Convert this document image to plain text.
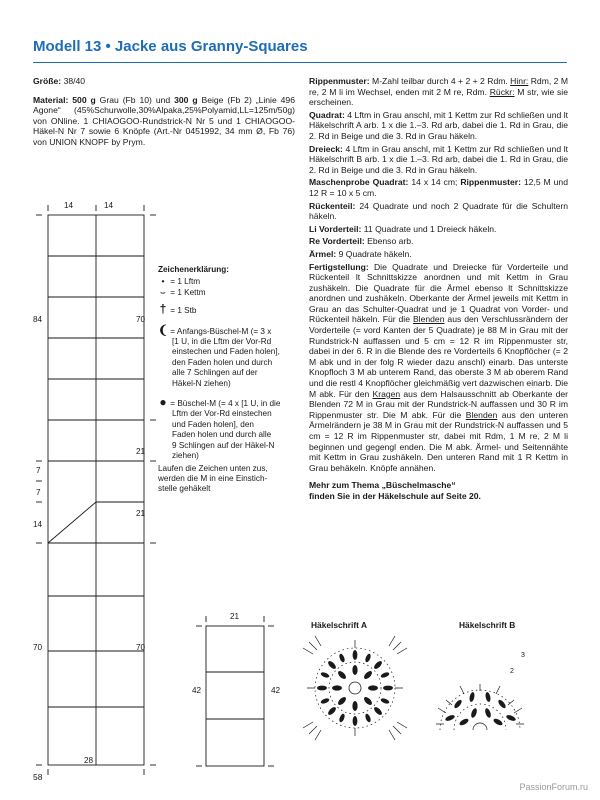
Modell 13 • Jacke aus Granny-Squares

Größe: 38/40

Material: 500 g Grau (Fb 10) und 300 g Beige (Fb 2) „Linie 496 Agone“ (45%Schurwolle,30%Alpaka,25%Polyamid,LL=125m/50g) von ONline. 1 CHIAOGOO-Rundstrick-N Nr 5 und 1 CHIAOGOO-Häkel-N Nr 7 sowie 6 Knöpfe (Art.-Nr 0451992, 34 mm Ø, Fb 76) von UNION KNOPF by Prym.

Rippenmuster: M-Zahl teilbar durch 4 + 2 + 2 Rdm. Hinr: Rdm, 2 M re, 2 M li im Wechsel, enden mit 2 M re, Rdm. Rückr: M str, wie sie erscheinen.

Quadrat: 4 Lftm in Grau anschl, mit 1 Kettm zur Rd schließen und lt Häkelschrift A arb. 1 x die 1.–3. Rd arb, dabei die 1. Rd in Grau, die 2. Rd in Beige und die 3. Rd in Grau häkeln.

Dreieck: 4 Lftm in Grau anschl, mit 1 Kettm zur Rd schließen und lt Häkelschrift B arb. 1 x die 1.–3. Rd arb, dabei die 1. Rd in Grau, die 2. Rd in Beige und die 3. Rd in Grau häkeln.

Maschenprobe Quadrat: 14 x 14 cm; Rippenmuster: 12,5 M und 12 R = 10 x 5 cm.

Rückenteil: 24 Quadrate und noch 2 Quadrate für die Schultern häkeln.

Li Vorderteil: 11 Quadrate und 1 Dreieck häkeln.

Re Vorderteil: Ebenso arb.

Ärmel: 9 Quadrate häkeln.

Fertigstellung: Die Quadrate und Dreiecke für Vorderteile und Rückenteil lt Schnittskizze anordnen und mit Kettm in Grau zushäkeln. Die Quadrate für die Ärmel ebenso lt Schnittskizze anordnen und zushäkeln. Oberkante der Ärmel jeweils mit Kettm in Grau an das Schulter-Quadrat und je 1 Quadrat von Vorder- und Rückenteil häkeln. Für die Blenden aus den Verschlussrändern der Vorderteile (= vord Kanten der 5 Quadrate) je 88 M in Grau mit der Rundstrick-N auffassen und 5 cm = 12 R im Rippenmuster str, dabei in der 6. R in die Blende des re Vorderteils 6 Knopflöcher (= 2 M abk und in der folg R wieder dazu anschl) einarb. Das unterste Knopfloch 3 M ab unterem Rand, das oberste 3 M ab oberem Rand und die restl 4 Knopflöcher gleichmäßig vert dazwischen einarb. Die M abk. Für den Kragen aus dem Halsausschnitt ab Oberkante der Blenden 72 M in Grau mit der Rundstrick-N auffassen und 30 R im Rippenmuster str. Die M abk. Für die Blenden aus den unteren Ärmelrändern je 38 M in Grau mit der Rundstrick-N auffassen und 5 cm = 12 R im Rippenmuster str, dabei mit Rdm, 1 M re, 2 M li beginnen und gegengl enden. Die M abk. Ärmel- und Seitennähte mit Kettm in Grau zushäkeln. Den unteren Rand mit 1 R Kettm in Grau behäkeln. Knöpfe annähen.

Mehr zum Thema „Büschelmasche“
finden Sie in der Häkelschule auf Seite 20.

Zeichenerklärung:
• = 1 Lftm
⌣ = 1 Kettm
† = 1 Stb
❨ = Anfangs-Büschel-M (= 3 x
[1 U, in die Lftm der Vor-Rd
einstechen und Faden holen],
den Faden holen und durch
alle 7 Schlingen auf der
Häkel-N ziehen)
● = Büschel-M (= 4 x [1 U, in die
Lftm der Vor-Rd einstechen
und Faden holen], den
Faden holen und durch alle
9 Schlingen auf der Häkel-N
ziehen)
Laufen die Zeichen unten zus,
werden die M in eine Einstich-
stelle gehäkelt
14	14
84	70
21
21
7
7
14
70	70
28
21
42	42
Häkelschrift A	Häkelschrift B
3
2
58
PassionForum.ru
